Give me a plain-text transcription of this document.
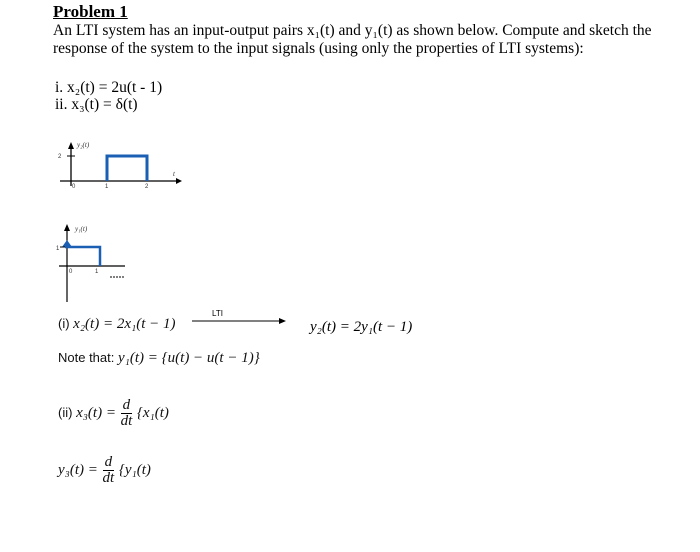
Problem 1
An LTI system has an input-output pairs x₁(t) and y₁(t) as shown below. Compute and sketch the response of the system to the input signals (using only the properties of LTI systems):
i. x₂(t) = 2u(t - 1)
ii. x₃(t) = δ(t)
y₂(t)
2
0	1	2
t
y₁(t)
1
0	1
(i) x₂(t) = 2x₁(t − 1)
LTI
y₂(t) = 2y₁(t − 1)
Note that: y₁(t) = {u(t) − u(t − 1)}
(ii) $x_3(t) = \frac{d}{dt} \{x_1(t)$
$y_3(t) = \frac{d}{dt} \{y_1(t)$
